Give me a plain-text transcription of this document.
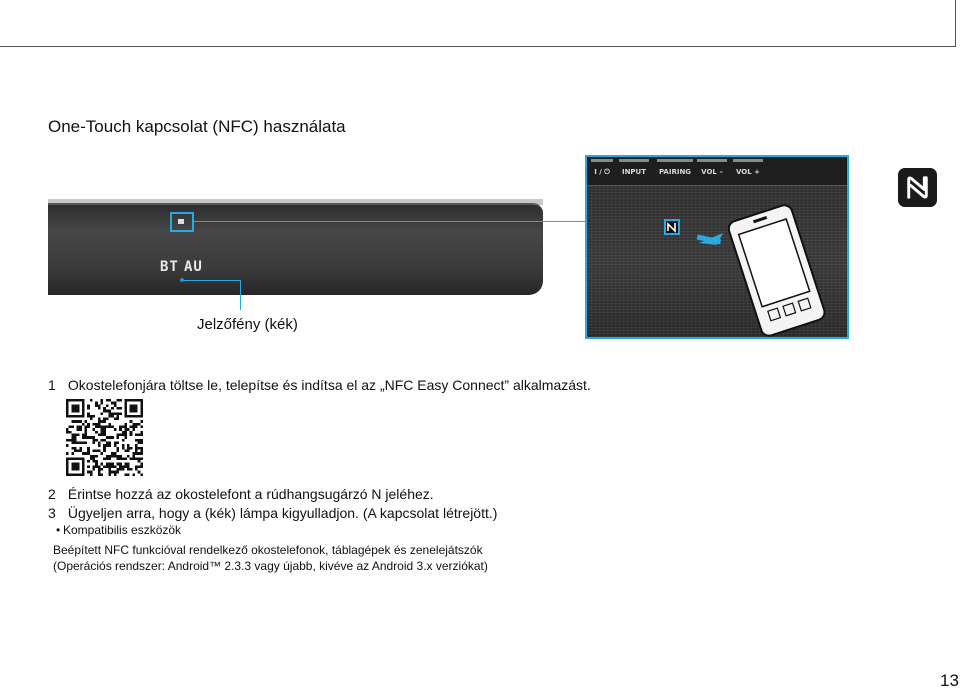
One-Touch kapcsolat (NFC) használata
BT AU
Jelzőfény (kék)
I / ⏻	INPUT	PAIRING	VOL –	VOL +
1 Okostelefonjára töltse le, telepítse és indítsa el az „NFC Easy Connect” alkalmazást.
2 Érintse hozzá az okostelefont a rúdhangsugárzó N jeléhez.
3 Ügyeljen arra, hogy a (kék) lámpa kigyulladjon. (A kapcsolat létrejött.)
• Kompatibilis eszközök
Beépített NFC funkcióval rendelkező okostelefonok, táblagépek és zenelejátszók
(Operációs rendszer: Android™ 2.3.3 vagy újabb, kivéve az Android 3.x verziókat)
13
